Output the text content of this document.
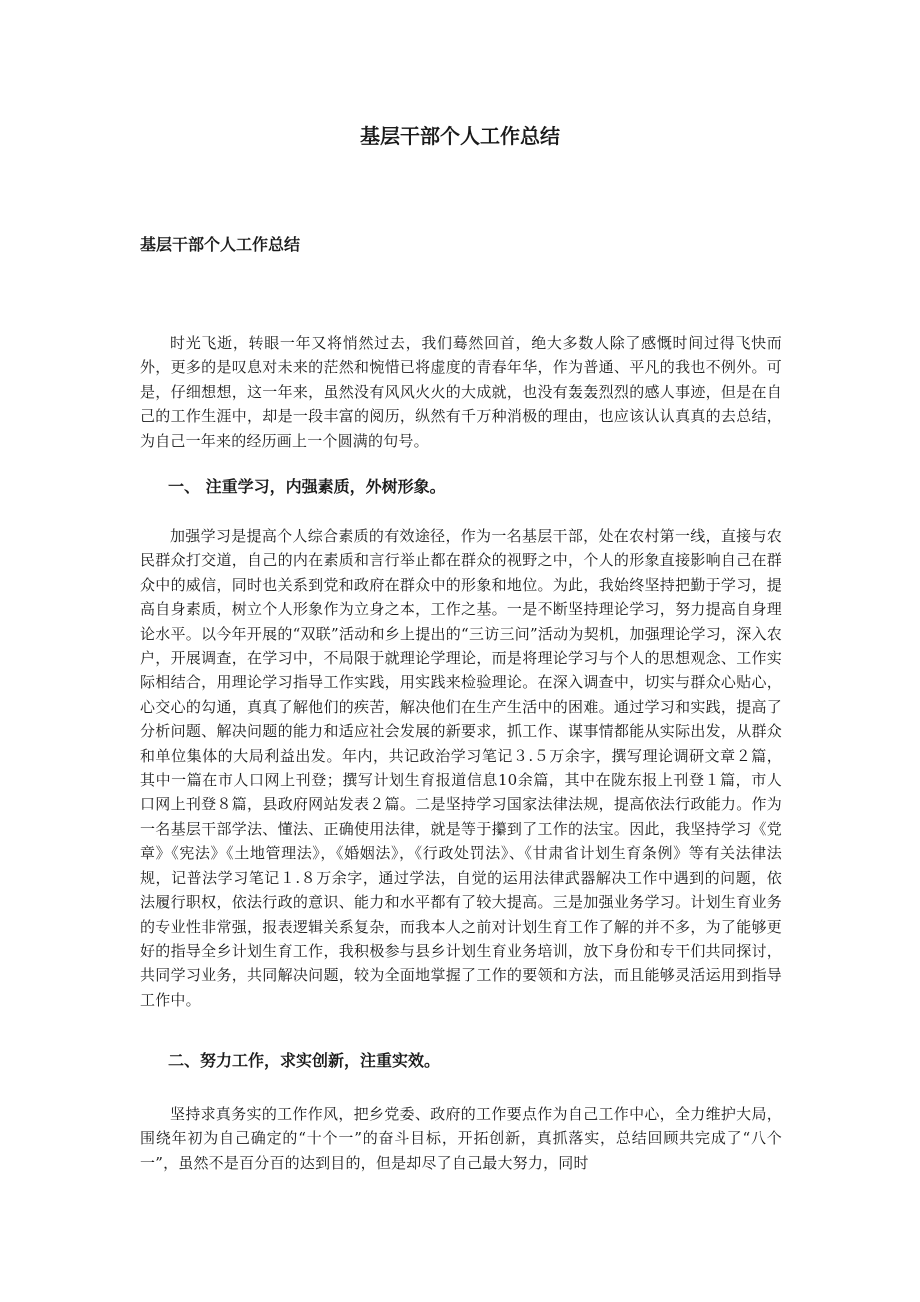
基层干部个人工作总结
基层干部个人工作总结

时光飞逝，转眼一年又将悄然过去，我们蓦然回首，绝大多数人除了感慨时间过得飞快而外，更多的是叹息对未来的茫然和惋惜已将虚度的青春年华，作为普通、平凡的我也不例外。可是，仔细想想，这一年来，虽然没有风风火火的大成就，也没有轰轰烈烈的感人事迹，但是在自己的工作生涯中，却是一段丰富的阅历，纵然有千万种消极的理由，也应该认认真真的去总结，为自己一年来的经历画上一个圆满的句号。

一、 注重学习，内强素质，外树形象。

加强学习是提高个人综合素质的有效途径，作为一名基层干部，处在农村第一线，直接与农民群众打交道，自己的内在素质和言行举止都在群众的视野之中，个人的形象直接影响自己在群众中的威信，同时也关系到党和政府在群众中的形象和地位。为此，我始终坚持把勤于学习，提高自身素质，树立个人形象作为立身之本，工作之基。一是不断坚持理论学习，努力提高自身理论水平。以今年开展的“双联”活动和乡上提出的“三访三问”活动为契机，加强理论学习，深入农户，开展调查，在学习中，不局限于就理论学理论，而是将理论学习与个人的思想观念、工作实际相结合，用理论学习指导工作实践，用实践来检验理论。在深入调查中，切实与群众心贴心，心交心的勾通，真真了解他们的疾苦，解决他们在生产生活中的困难。通过学习和实践，提高了分析问题、解决问题的能力和适应社会发展的新要求，抓工作、谋事情都能从实际出发，从群众和单位集体的大局利益出发。年内，共记政治学习笔记３.５万余字，撰写理论调研文章２篇，其中一篇在市人口网上刊登；撰写计划生育报道信息10余篇，其中在陇东报上刊登１篇，市人口网上刊登８篇，县政府网站发表２篇。二是坚持学习国家法律法规，提高依法行政能力。作为一名基层干部学法、懂法、正确使用法律，就是等于攥到了工作的法宝。因此，我坚持学习《党章》《宪法》《土地管理法》，《婚姻法》，《行政处罚法》、《甘肃省计划生育条例》等有关法律法规，记普法学习笔记１.８万余字，通过学法，自觉的运用法律武器解决工作中遇到的问题，依法履行职权，依法行政的意识、能力和水平都有了较大提高。三是加强业务学习。计划生育业务的专业性非常强，报表逻辑关系复杂，而我本人之前对计划生育工作了解的并不多，为了能够更好的指导全乡计划生育工作，我积极参与县乡计划生育业务培训，放下身份和专干们共同探讨，共同学习业务，共同解决问题，较为全面地掌握了工作的要领和方法，而且能够灵活运用到指导工作中。

二、努力工作，求实创新，注重实效。

坚持求真务实的工作作风，把乡党委、政府的工作要点作为自己工作中心，全力维护大局，围绕年初为自己确定的“十个一”的奋斗目标，开拓创新，真抓落实，总结回顾共完成了“八个一”，虽然不是百分百的达到目的，但是却尽了自己最大努力，同时
